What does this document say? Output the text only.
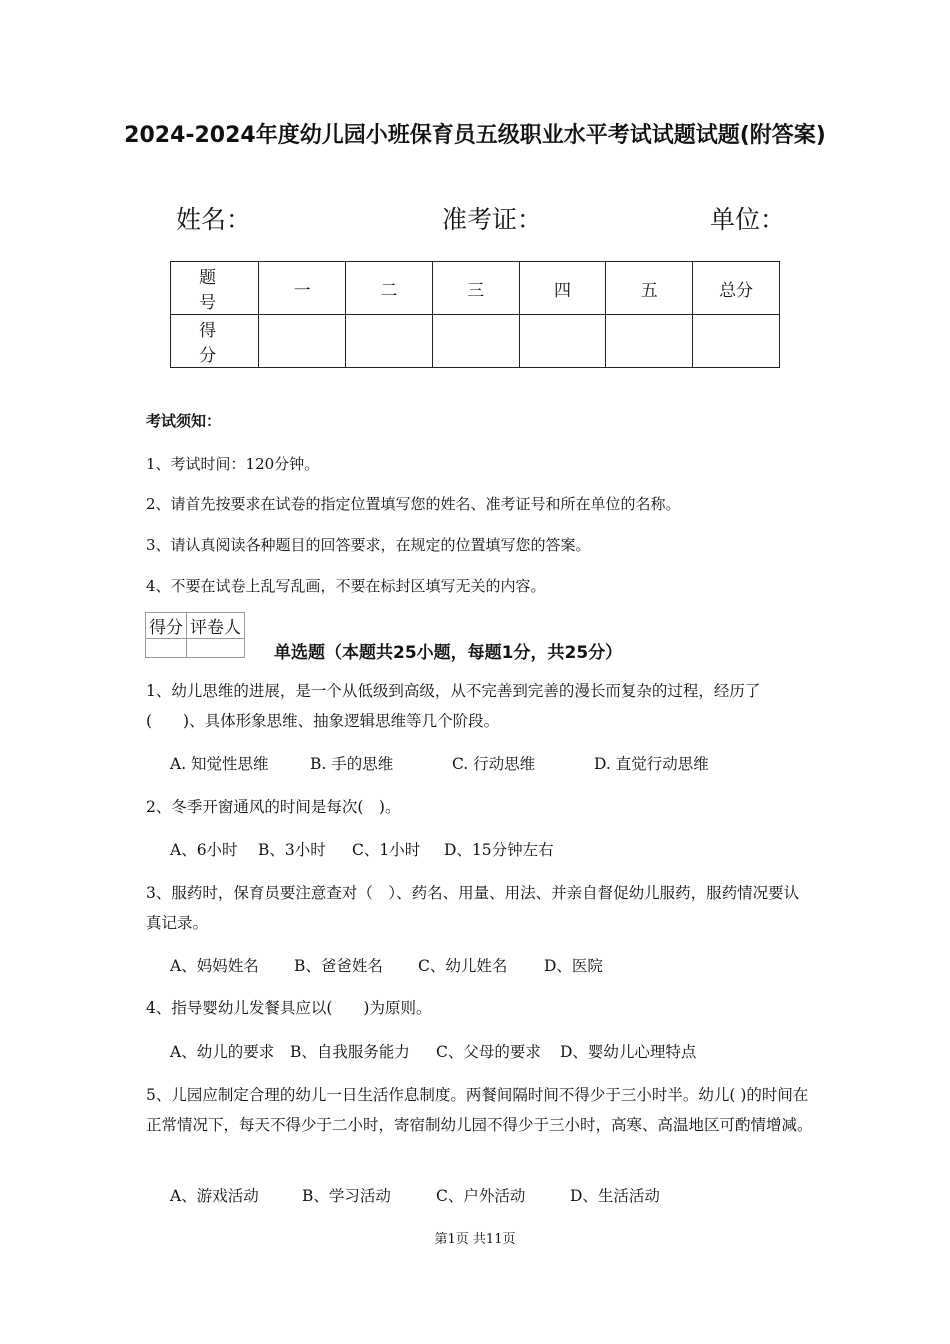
2024-2024年度幼儿园小班保育员五级职业水平考试试题试题(附答案)
姓名：	准考证：	单位：
题　号	一	二	三	四	五	总分
得　分						
考试须知：
1、考试时间：120分钟。
2、请首先按要求在试卷的指定位置填写您的姓名、准考证号和所在单位的名称。
3、请认真阅读各种题目的回答要求，在规定的位置填写您的答案。
4、不要在试卷上乱写乱画，不要在标封区填写无关的内容。
得分	评卷人

单选题（本题共25小题，每题1分，共25分）
1、幼儿思维的进展，是一个从低级到高级，从不完善到完善的漫长而复杂的过程，经历了(　　)、具体形象思维、抽象逻辑思维等几个阶段。
A. 知觉性思维	B. 手的思维	C. 行动思维	D. 直觉行动思维
2、冬季开窗通风的时间是每次(　)。
A、6小时 B、3小时 C、1小时 D、15分钟左右
3、服药时，保育员要注意查对（　）、药名、用量、用法、并亲自督促幼儿服药，服药情况要认真记录。
A、妈妈姓名 B、爸爸姓名 C、幼儿姓名 D、医院
4、指导婴幼儿发餐具应以(　　)为原则。
A、幼儿的要求 B、自我服务能力 C、父母的要求 D、婴幼儿心理特点
5、儿园应制定合理的幼儿一日生活作息制度。两餐间隔时间不得少于三小时半。幼儿( )的时间在正常情况下，每天不得少于二小时，寄宿制幼儿园不得少于三小时，高寒、高温地区可酌情增减。
A、游戏活动	B、学习活动	C、户外活动	D、生活活动
第1页 共11页
